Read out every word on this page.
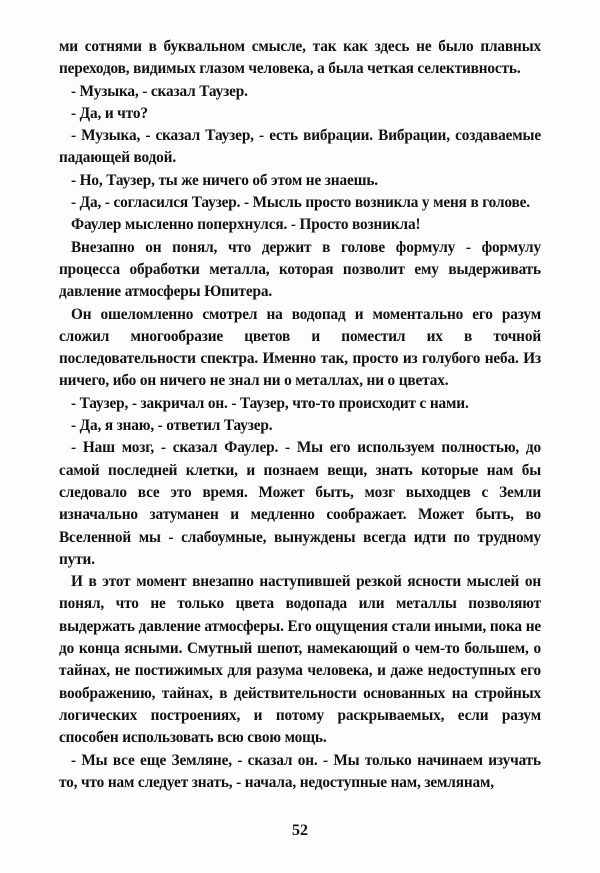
ми сотнями в буквальном смысле, так как здесь не было плавных переходов, видимых глазом человека, а была четкая селективность.

- Музыка, - сказал Таузер.

- Да, и что?

- Музыка, - сказал Таузер, - есть вибрации. Вибрации, создаваемые падающей водой.

- Но, Таузер, ты же ничего об этом не знаешь.

- Да, - согласился Таузер. - Мысль просто возникла у меня в голове.

Фаулер мысленно поперхнулся. - Просто возникла!

Внезапно он понял, что держит в голове формулу - формулу процесса обработки металла, которая позволит ему выдерживать давление атмосферы Юпитера.

Он ошеломленно смотрел на водопад и моментально его разум сложил многообразие цветов и поместил их в точной последовательности спектра. Именно так, просто из голубого неба. Из ничего, ибо он ничего не знал ни о металлах, ни о цветах.

- Таузер, - закричал он. - Таузер, что-то происходит с нами.

- Да, я знаю, - ответил Таузер.

- Наш мозг, - сказал Фаулер. - Мы его используем полностью, до самой последней клетки, и познаем вещи, знать которые нам бы следовало все это время. Может быть, мозг выходцев с Земли изначально затуманен и медленно соображает. Может быть, во Вселенной мы - слабоумные, вынуждены всегда идти по трудному пути.

И в этот момент внезапно наступившей резкой ясности мыслей он понял, что не только цвета водопада или металлы позволяют выдержать давление атмосферы. Его ощущения стали иными, пока не до конца ясными. Смутный шепот, намекающий о чем-то большем, о тайнах, не постижимых для разума человека, и даже недоступных его воображению, тайнах, в действительности основанных на стройных логических построениях, и потому раскрываемых, если разум способен использовать всю свою мощь.

- Мы все еще Земляне, - сказал он. - Мы только начинаем изучать то, что нам следует знать, - начала, недоступные нам, землянам,

52
